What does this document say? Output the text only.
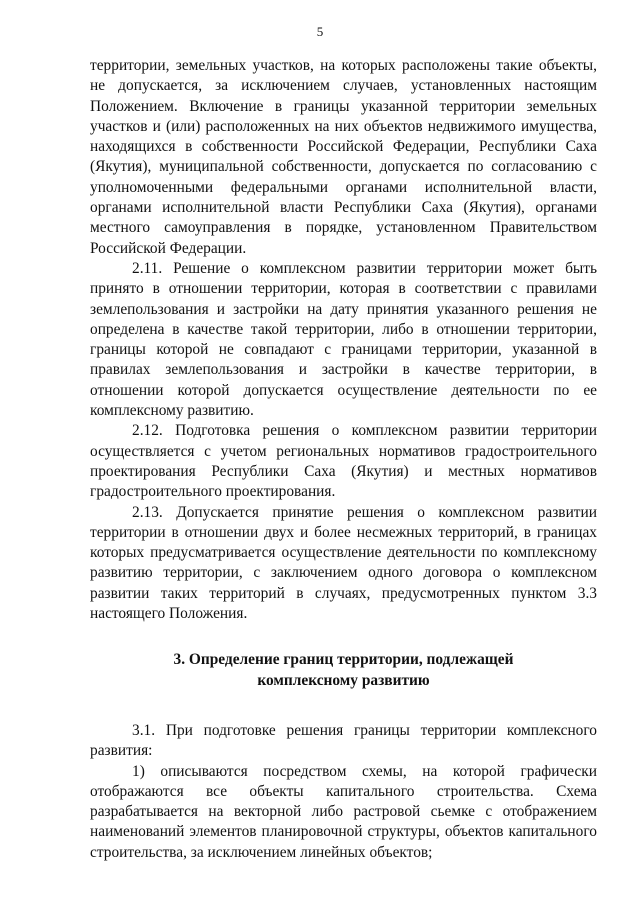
5

территории, земельных участков, на которых расположены такие объекты, не допускается, за исключением случаев, установленных настоящим Положением. Включение в границы указанной территории земельных участков и (или) расположенных на них объектов недвижимого имущества, находящихся в собственности Российской Федерации, Республики Саха (Якутия), муниципальной собственности, допускается по согласованию с уполномоченными федеральными органами исполнительной власти, органами исполнительной власти Республики Саха (Якутия), органами местного самоуправления в порядке, установленном Правительством Российской Федерации.

2.11. Решение о комплексном развитии территории может быть принято в отношении территории, которая в соответствии с правилами землепользования и застройки на дату принятия указанного решения не определена в качестве такой территории, либо в отношении территории, границы которой не совпадают с границами территории, указанной в правилах землепользования и застройки в качестве территории, в отношении которой допускается осуществление деятельности по ее комплексному развитию.

2.12. Подготовка решения о комплексном развитии территории осуществляется с учетом региональных нормативов градостроительного проектирования Республики Саха (Якутия) и местных нормативов градостроительного проектирования.

2.13. Допускается принятие решения о комплексном развитии территории в отношении двух и более несмежных территорий, в границах которых предусматривается осуществление деятельности по комплексному развитию территории, с заключением одного договора о комплексном развитии таких территорий в случаях, предусмотренных пунктом 3.3 настоящего Положения.

3. Определение границ территории, подлежащей
комплексному развитию

3.1. При подготовке решения границы территории комплексного развития:

1) описываются посредством схемы, на которой графически отображаются все объекты капитального строительства. Схема разрабатывается на векторной либо растровой сьемке с отображением наименований элементов планировочной структуры, объектов капитального строительства, за исключением линейных объектов;
